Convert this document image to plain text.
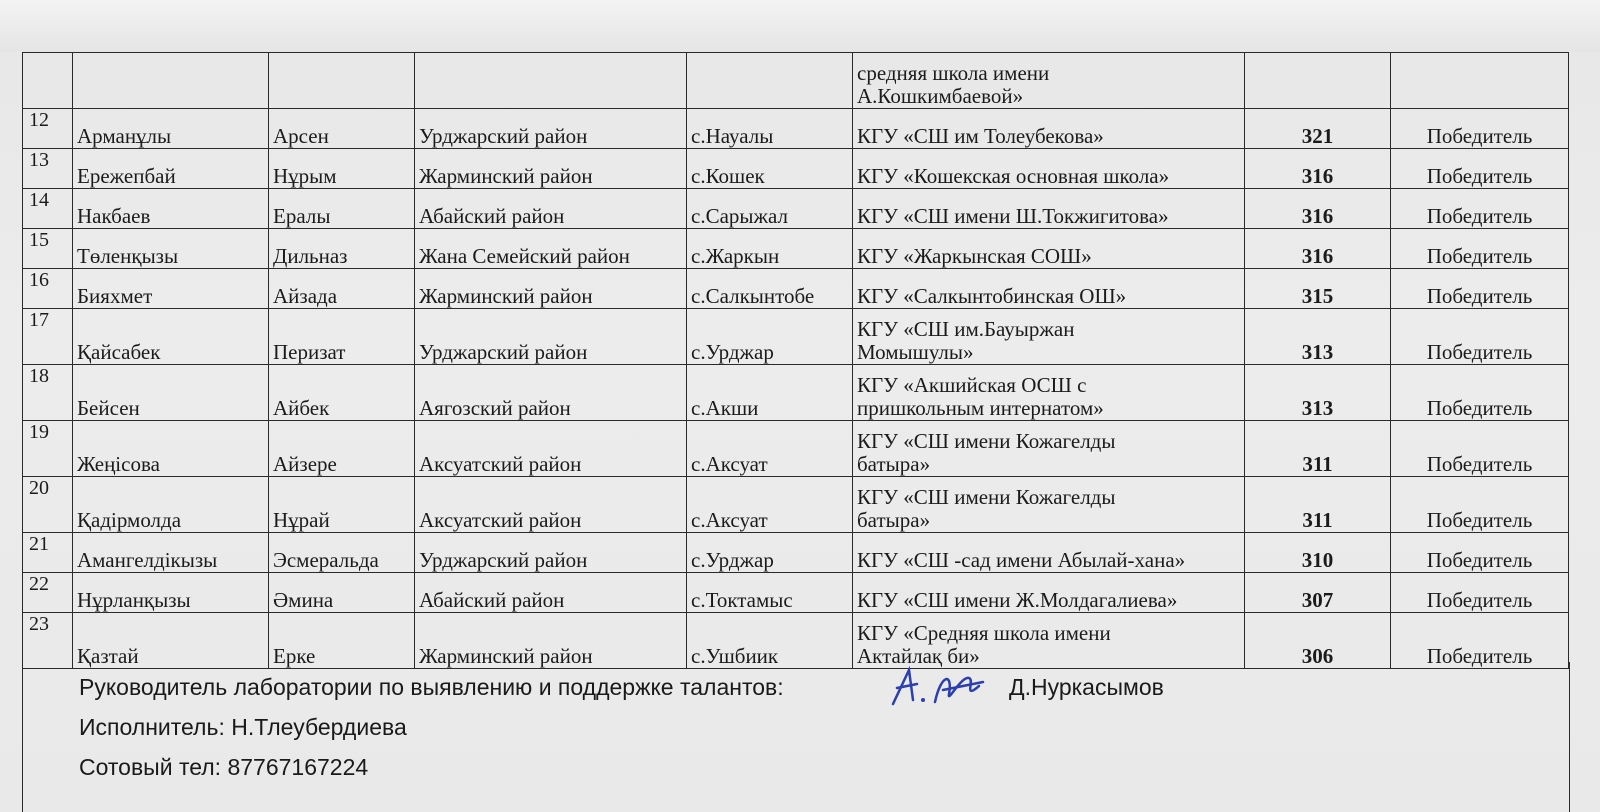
					средняя школа имени
А.Кошкимбаевой»		

12	Арманұлы	Арсен	Урджарский район	с.Науалы	КГУ «СШ им Толеубекова»	321	Победитель
13	Ережепбай	Нұрым	Жарминский район	с.Кошек	КГУ «Кошекская основная школа»	316	Победитель
14	Накбаев	Ералы	Абайский район	с.Сарыжал	КГУ «СШ имени Ш.Токжигитова»	316	Победитель
15	Төленқызы	Дильназ	Жана Семейский район	с.Жаркын	КГУ «Жаркынская СОШ»	316	Победитель
16	Бияхмет	Айзада	Жарминский район	с.Салкынтобе	КГУ «Салкынтобинская ОШ»	315	Победитель
17	Қайсабек	Перизат	Урджарский район	с.Урджар	КГУ «СШ им.Бауыржан
Момышулы»	313	Победитель
18	Бейсен	Айбек	Аягозский район	с.Акши	КГУ «Акшийская ОСШ с
пришкольным интернатом»	313	Победитель
19	Жеңісова	Айзере	Аксуатский район	с.Аксуат	КГУ «СШ имени Кожагелды
батыра»	311	Победитель
20	Қадірмолда	Нұрай	Аксуатский район	с.Аксуат	КГУ «СШ имени Кожагелды
батыра»	311	Победитель
21	Амангелдікызы	Эсмеральда	Урджарский район	с.Урджар	КГУ «СШ -сад имени Абылай-хана»	310	Победитель
22	Нұрланқызы	Әмина	Абайский район	с.Токтамыс	КГУ «СШ имени Ж.Молдагалиева»	307	Победитель
23	Қазтай	Ерке	Жарминский район	с.Ушбиик	КГУ «Средняя школа имени
Актайлақ би»	306	Победитель
Руководитель лаборатории по выявлению и поддержке талантов:	Д.Нуркасымов
Исполнитель: Н.Тлеубердиева
Сотовый тел: 87767167224
